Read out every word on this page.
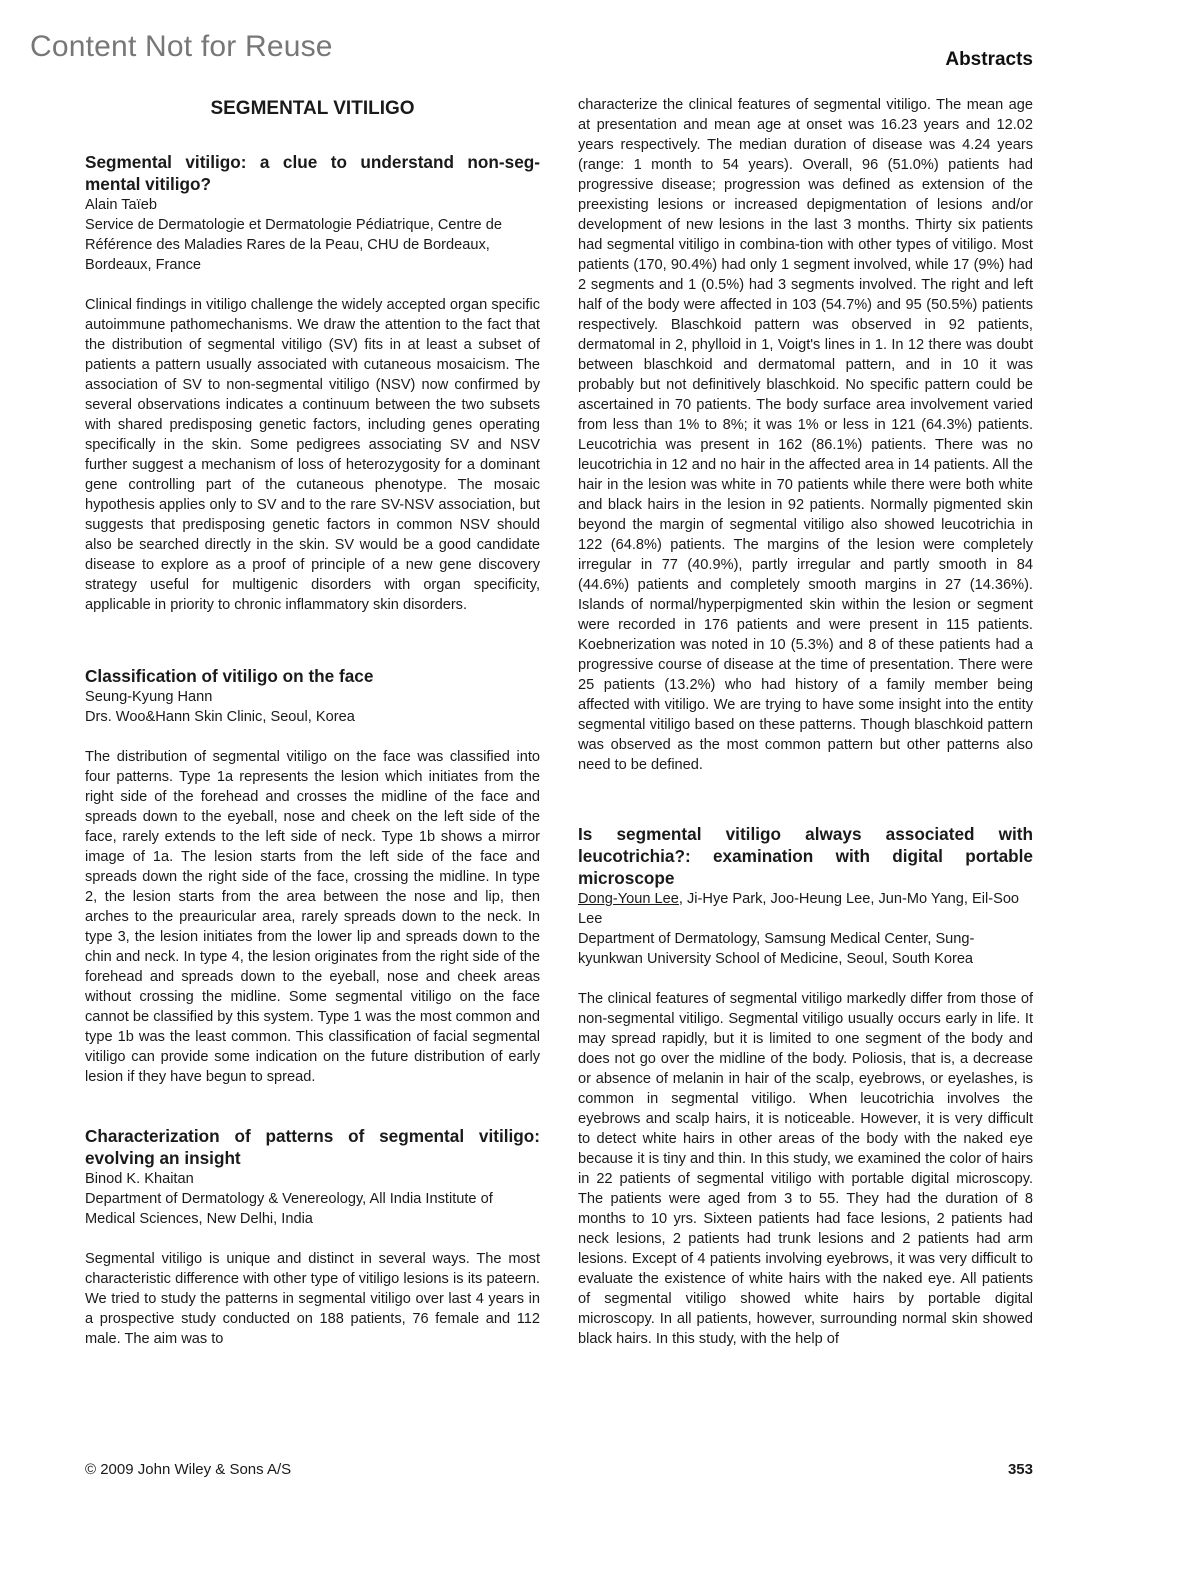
Content Not for Reuse	Abstracts
SEGMENTAL VITILIGO
Segmental vitiligo: a clue to understand non-seg-mental vitiligo?

Alain Taïeb

Service de Dermatologie et Dermatologie Pédiatrique, Centre de Référence des Maladies Rares de la Peau, CHU de Bordeaux, Bordeaux, France

Clinical findings in vitiligo challenge the widely accepted organ specific autoimmune pathomechanisms. We draw the attention to the fact that the distribution of segmental vitiligo (SV) fits in at least a subset of patients a pattern usually associated with cutaneous mosaicism. The association of SV to non-segmental vitiligo (NSV) now confirmed by several observations indicates a continuum between the two subsets with shared predisposing genetic factors, including genes operating specifically in the skin. Some pedigrees associating SV and NSV further suggest a mechanism of loss of heterozygosity for a dominant gene controlling part of the cutaneous phenotype. The mosaic hypothesis applies only to SV and to the rare SV-NSV association, but suggests that predisposing genetic factors in common NSV should also be searched directly in the skin. SV would be a good candidate disease to explore as a proof of principle of a new gene discovery strategy useful for multigenic disorders with organ specificity, applicable in priority to chronic inflammatory skin disorders.

Classification of vitiligo on the face

Seung-Kyung Hann

Drs. Woo&Hann Skin Clinic, Seoul, Korea

The distribution of segmental vitiligo on the face was classified into four patterns. Type 1a represents the lesion which initiates from the right side of the forehead and crosses the midline of the face and spreads down to the eyeball, nose and cheek on the left side of the face, rarely extends to the left side of neck. Type 1b shows a mirror image of 1a. The lesion starts from the left side of the face and spreads down the right side of the face, crossing the midline. In type 2, the lesion starts from the area between the nose and lip, then arches to the preauricular area, rarely spreads down to the neck. In type 3, the lesion initiates from the lower lip and spreads down to the chin and neck. In type 4, the lesion originates from the right side of the forehead and spreads down to the eyeball, nose and cheek areas without crossing the midline. Some segmental vitiligo on the face cannot be classified by this system. Type 1 was the most common and type 1b was the least common. This classification of facial segmental vitiligo can provide some indication on the future distribution of early lesion if they have begun to spread.

Characterization of patterns of segmental vitiligo: evolving an insight

Binod K. Khaitan

Department of Dermatology & Venereology, All India Institute of Medical Sciences, New Delhi, India

Segmental vitiligo is unique and distinct in several ways. The most characteristic difference with other type of vitiligo lesions is its pateern. We tried to study the patterns in segmental vitiligo over last 4 years in a prospective study conducted on 188 patients, 76 female and 112 male. The aim was to

characterize the clinical features of segmental vitiligo. The mean age at presentation and mean age at onset was 16.23 years and 12.02 years respectively. The median duration of disease was 4.24 years (range: 1 month to 54 years). Overall, 96 (51.0%) patients had progressive disease; progression was defined as extension of the preexisting lesions or increased depigmentation of lesions and/or development of new lesions in the last 3 months. Thirty six patients had segmental vitiligo in combina-tion with other types of vitiligo. Most patients (170, 90.4%) had only 1 segment involved, while 17 (9%) had 2 segments and 1 (0.5%) had 3 segments involved. The right and left half of the body were affected in 103 (54.7%) and 95 (50.5%) patients respectively. Blaschkoid pattern was observed in 92 patients, dermatomal in 2, phylloid in 1, Voigt's lines in 1. In 12 there was doubt between blaschkoid and dermatomal pattern, and in 10 it was probably but not definitively blaschkoid. No specific pattern could be ascertained in 70 patients. The body surface area involvement varied from less than 1% to 8%; it was 1% or less in 121 (64.3%) patients. Leucotrichia was present in 162 (86.1%) patients. There was no leucotrichia in 12 and no hair in the affected area in 14 patients. All the hair in the lesion was white in 70 patients while there were both white and black hairs in the lesion in 92 patients. Normally pigmented skin beyond the margin of segmental vitiligo also showed leucotrichia in 122 (64.8%) patients. The margins of the lesion were completely irregular in 77 (40.9%), partly irregular and partly smooth in 84 (44.6%) patients and completely smooth margins in 27 (14.36%). Islands of normal/hyperpigmented skin within the lesion or segment were recorded in 176 patients and were present in 115 patients. Koebnerization was noted in 10 (5.3%) and 8 of these patients had a progressive course of disease at the time of presentation. There were 25 patients (13.2%) who had history of a family member being affected with vitiligo. We are trying to have some insight into the entity segmental vitiligo based on these patterns. Though blaschkoid pattern was observed as the most common pattern but other patterns also need to be defined.

Is segmental vitiligo always associated with leucotrichia?: examination with digital portable microscope

Dong-Youn Lee, Ji-Hye Park, Joo-Heung Lee, Jun-Mo Yang, Eil-Soo Lee

Department of Dermatology, Samsung Medical Center, Sung-kyunkwan University School of Medicine, Seoul, South Korea

The clinical features of segmental vitiligo markedly differ from those of non-segmental vitiligo. Segmental vitiligo usually occurs early in life. It may spread rapidly, but it is limited to one segment of the body and does not go over the midline of the body. Poliosis, that is, a decrease or absence of melanin in hair of the scalp, eyebrows, or eyelashes, is common in segmental vitiligo. When leucotrichia involves the eyebrows and scalp hairs, it is noticeable. However, it is very difficult to detect white hairs in other areas of the body with the naked eye because it is tiny and thin. In this study, we examined the color of hairs in 22 patients of segmental vitiligo with portable digital microscopy. The patients were aged from 3 to 55. They had the duration of 8 months to 10 yrs. Sixteen patients had face lesions, 2 patients had neck lesions, 2 patients had trunk lesions and 2 patients had arm lesions. Except of 4 patients involving eyebrows, it was very difficult to evaluate the existence of white hairs with the naked eye. All patients of segmental vitiligo showed white hairs by portable digital microscopy. In all patients, however, surrounding normal skin showed black hairs. In this study, with the help of

© 2009 John Wiley & Sons A/S	353
